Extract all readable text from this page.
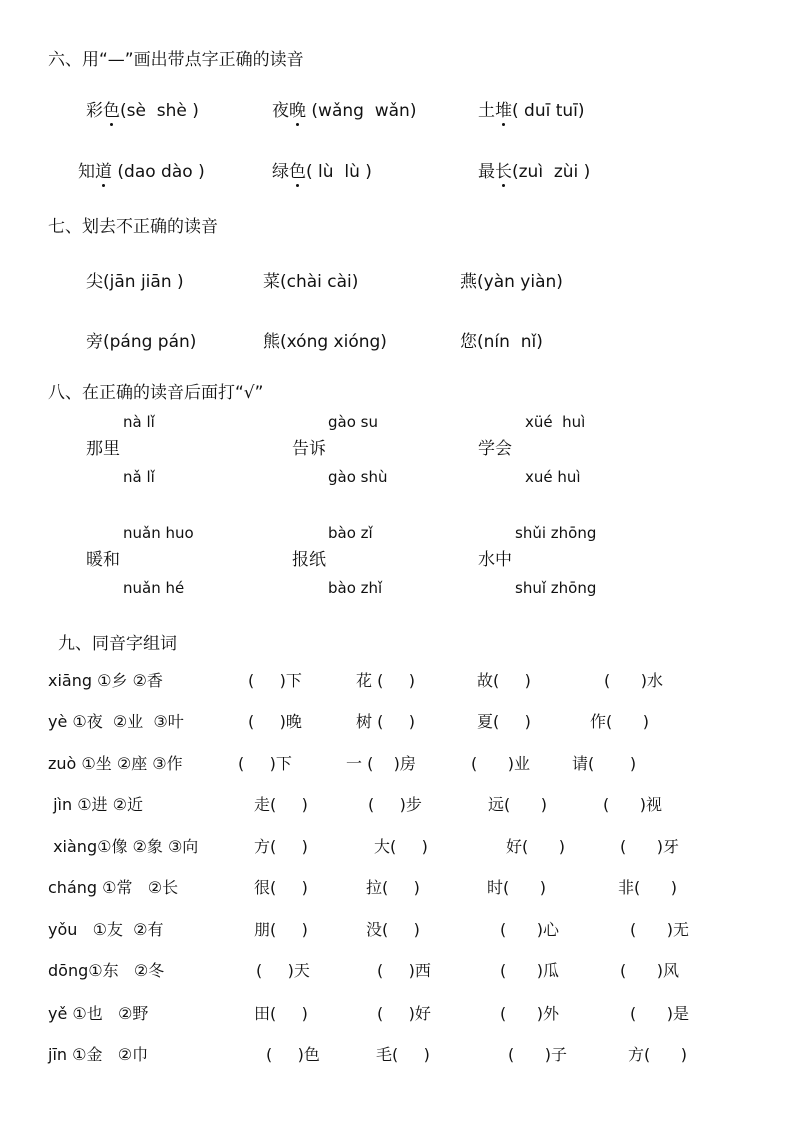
六、用“—”画出带点字正确的读音
彩色(sè  shè )	夜晚 (wǎng  wǎn)	土堆( duī tuī)
知道 (dao dào )	绿色( lù  lù )	最长(zuì  zùi )
七、划去不正确的读音
尖(jān jiān )	菜(chài cài)	燕(yàn yiàn)
旁(páng pán)	熊(xóng xióng)	您(nín  nǐ)
八、在正确的读音后面打“√”
nà lǐ	gào su	xüé  huì
那里	告诉	学会
nǎ lǐ	gào shù	xué huì
nuǎn huo	bào zǐ	shǔi zhōng
暖和	报纸	水中
nuǎn hé	bào zhǐ	shuǐ zhōng
九、同音字组词
xiāng ①乡 ②香	(     )下	花 (     )	故(     )	(      )水
yè ①夜  ②业  ③叶	(     )晚	树 (     )	夏(     )	作(      )
zuò ①坐 ②座 ③作	(     )下	一 (    )房	(      )业	请(       )
jìn ①进 ②近	走(     )	(     )步	远(      )	(      )视
xiàng①像 ②象 ③向	方(     )	大(     )	好(      )	(      )牙
cháng ①常   ②长	很(     )	拉(     )	时(      )	非(      )
yǒu   ①友  ②有	朋(     )	没(     )	(      )心	(      )无
dōng①东   ②冬	(     )天	(     )西	(      )瓜	(      )风
yě ①也   ②野	田(     )	(     )好	(      )外	(      )是
jīn ①金   ②巾	(     )色	毛(     )	(      )子	方(      )
